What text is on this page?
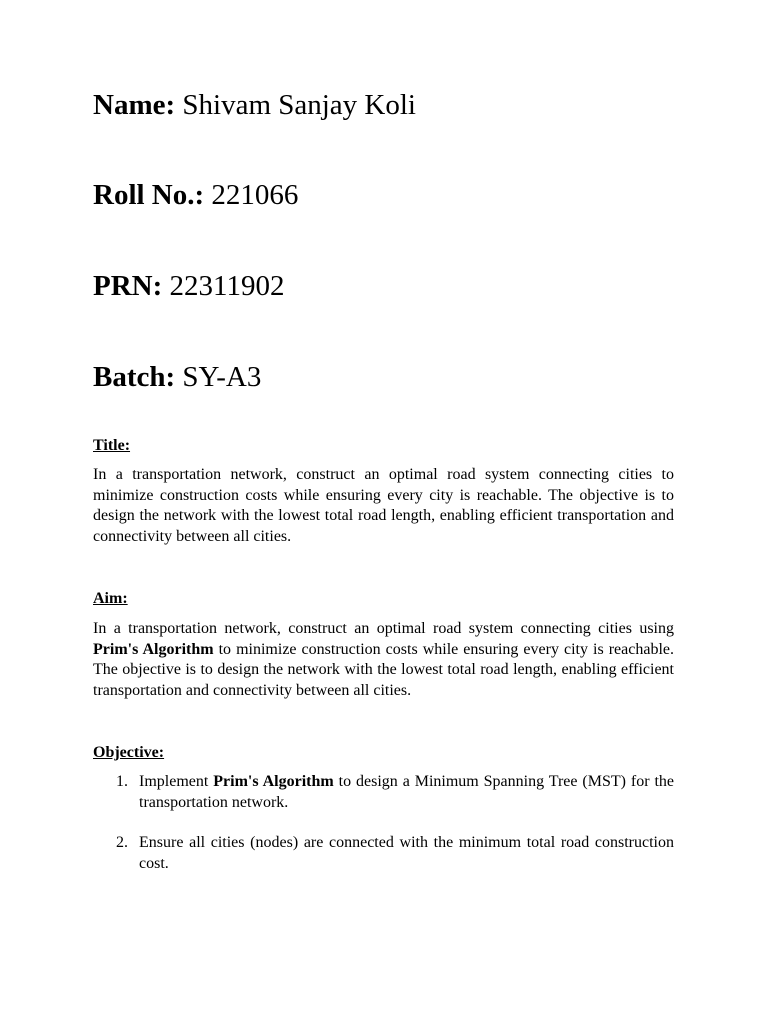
Name: Shivam Sanjay Koli
Roll No.: 221066
PRN: 22311902
Batch: SY-A3
Title:
In a transportation network, construct an optimal road system connecting cities to minimize construction costs while ensuring every city is reachable. The objective is to design the network with the lowest total road length, enabling efficient transportation and connectivity between all cities.
Aim:
In a transportation network, construct an optimal road system connecting cities using Prim's Algorithm to minimize construction costs while ensuring every city is reachable. The objective is to design the network with the lowest total road length, enabling efficient transportation and connectivity between all cities.
Objective:
1. Implement Prim's Algorithm to design a Minimum Spanning Tree (MST) for the transportation network.
2. Ensure all cities (nodes) are connected with the minimum total road construction cost.
